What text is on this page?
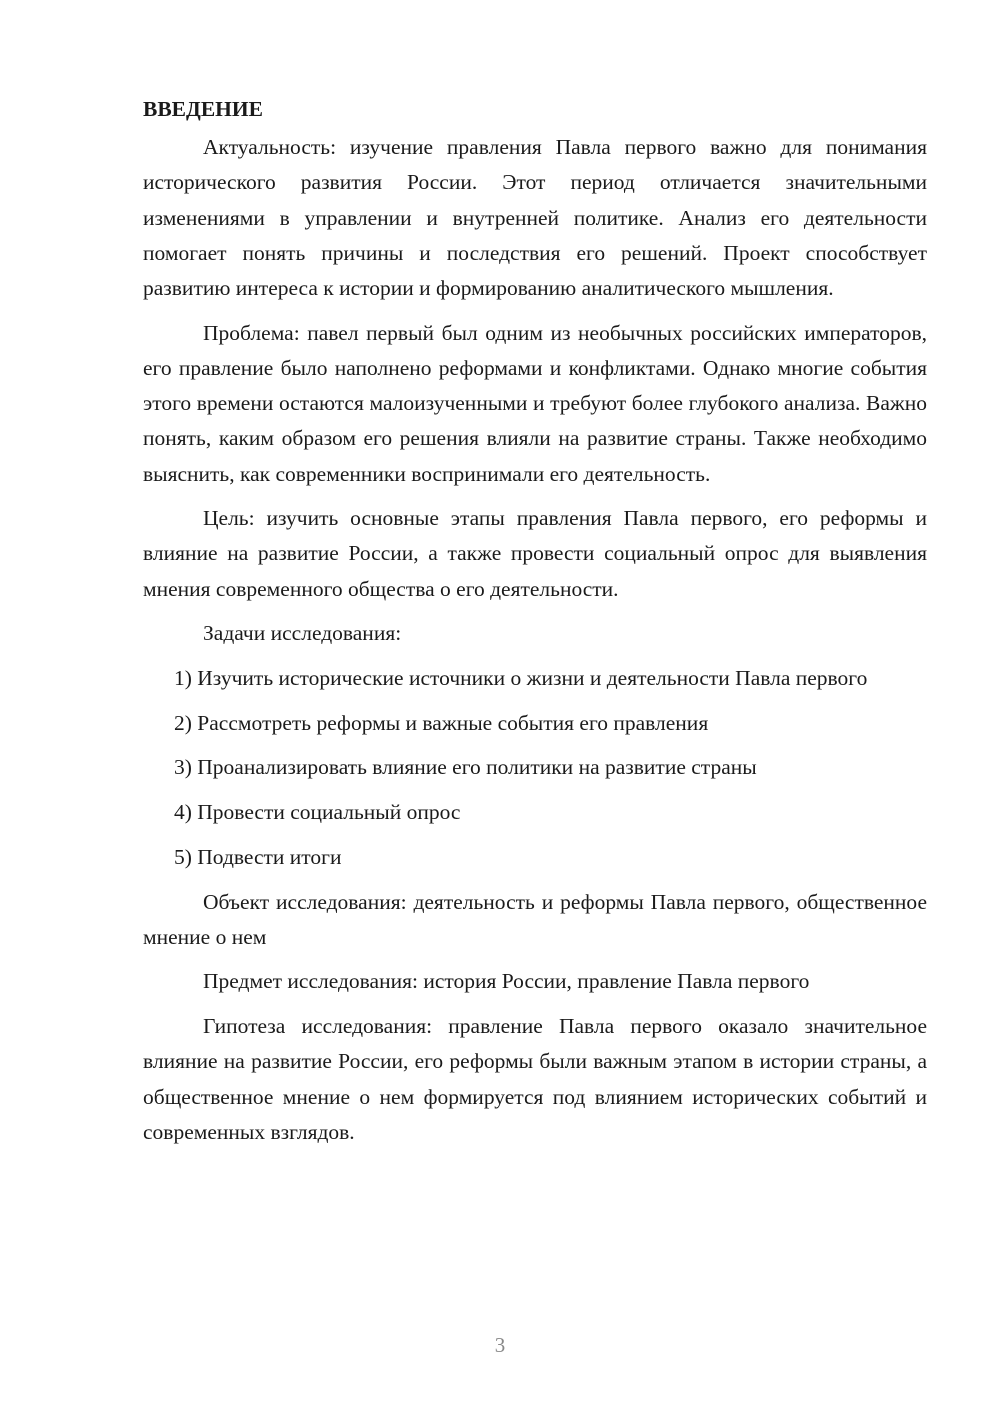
ВВЕДЕНИЕ

Актуальность: изучение правления Павла первого важно для понимания исторического развития России. Этот период отличается значительными изменениями в управлении и внутренней политике. Анализ его деятельности помогает понять причины и последствия его решений. Проект способствует развитию интереса к истории и формированию аналитического мышления.

Проблема: павел первый был одним из необычных российских императоров, его правление было наполнено реформами и конфликтами. Однако многие события этого времени остаются малоизученными и требуют более глубокого анализа. Важно понять, каким образом его решения влияли на развитие страны. Также необходимо выяснить, как современники воспринимали его деятельность.

Цель: изучить основные этапы правления Павла первого, его реформы и влияние на развитие России, а также провести социальный опрос для выявления мнения современного общества о его деятельности.

Задачи исследования:

1) Изучить исторические источники о жизни и деятельности Павла первого

2) Рассмотреть реформы и важные события его правления

3) Проанализировать влияние его политики на развитие страны

4) Провести социальный опрос

5) Подвести итоги

Объект исследования: деятельность и реформы Павла первого, общественное мнение о нем

Предмет исследования: история России, правление Павла первого

Гипотеза исследования: правление Павла первого оказало значительное влияние на развитие России, его реформы были важным этапом в истории страны, а общественное мнение о нем формируется под влиянием исторических событий и современных взглядов.

3
